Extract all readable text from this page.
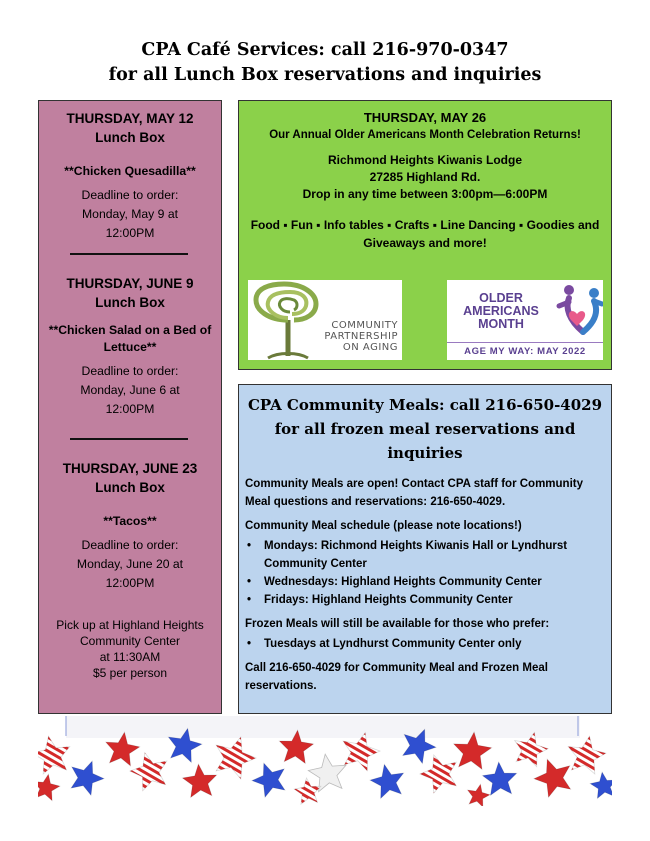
CPA Café Services: call 216-970-0347
for all Lunch Box reservations and inquiries
THURSDAY, MAY 12
Lunch Box
**Chicken Quesadilla**
Deadline to order:
Monday, May 9 at
12:00PM
THURSDAY, JUNE 9
Lunch Box
**Chicken Salad on a Bed of Lettuce**
Deadline to order:
Monday, June 6 at
12:00PM
THURSDAY, JUNE 23
Lunch Box
**Tacos**
Deadline to order:
Monday, June 20 at
12:00PM
Pick up at Highland Heights
Community Center
at 11:30AM
$5 per person
THURSDAY, MAY 26
Our Annual Older Americans Month Celebration Returns!
Richmond Heights Kiwanis Lodge
27285 Highland Rd.
Drop in any time between 3:00pm—6:00PM
Food ▪ Fun ▪ Info tables ▪ Crafts ▪ Line Dancing ▪ Goodies and Giveaways and more!
COMMUNITY
PARTNERSHIP
ON AGING
OLDER
AMERICANS
MONTH
AGE MY WAY: MAY 2022
CPA Community Meals: call 216-650-4029
for all frozen meal reservations and inquiries

Community Meals are open! Contact CPA staff for Community Meal questions and reservations: 216-650-4029.

Community Meal schedule (please note locations!)

• Mondays: Richmond Heights Kiwanis Hall or Lyndhurst Community Center
• Wednesdays: Highland Heights Community Center
• Fridays: Highland Heights Community Center

Frozen Meals will still be available for those who prefer:

• Tuesdays at Lyndhurst Community Center only

Call 216-650-4029 for Community Meal and Frozen Meal reservations.
